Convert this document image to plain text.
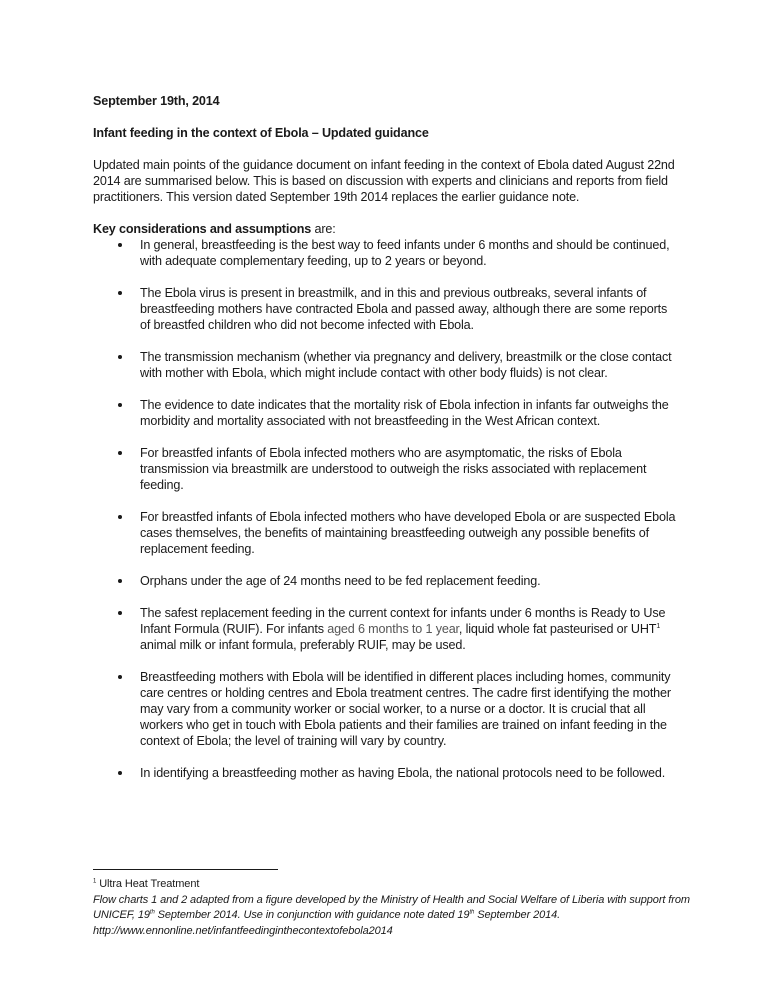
September 19th, 2014

Infant feeding in the context of Ebola – Updated guidance

Updated main points of the guidance document on infant feeding in the context of Ebola dated August 22nd 2014 are summarised below. This is based on discussion with experts and clinicians and reports from field practitioners. This version dated September 19th 2014 replaces the earlier guidance note.

Key considerations and assumptions are:

In general, breastfeeding is the best way to feed infants under 6 months and should be continued, with adequate complementary feeding, up to 2 years or beyond.
The Ebola virus is present in breastmilk, and in this and previous outbreaks, several infants of breastfeeding mothers have contracted Ebola and passed away, although there are some reports of breastfed children who did not become infected with Ebola.
The transmission mechanism (whether via pregnancy and delivery, breastmilk or the close contact with mother with Ebola, which might include contact with other body fluids) is not clear.
The evidence to date indicates that the mortality risk of Ebola infection in infants far outweighs the morbidity and mortality associated with not breastfeeding in the West African context.
For breastfed infants of Ebola infected mothers who are asymptomatic, the risks of Ebola transmission via breastmilk are understood to outweigh the risks associated with replacement feeding.
For breastfed infants of Ebola infected mothers who have developed Ebola or are suspected Ebola cases themselves, the benefits of maintaining breastfeeding outweigh any possible benefits of replacement feeding.
Orphans under the age of 24 months need to be fed replacement feeding.
The safest replacement feeding in the current context for infants under 6 months is Ready to Use Infant Formula (RUIF). For infants aged 6 months to 1 year, liquid whole fat pasteurised or UHT$^1$ animal milk or infant formula, preferably RUIF, may be used.
Breastfeeding mothers with Ebola will be identified in different places including homes, community care centres or holding centres and Ebola treatment centres. The cadre first identifying the mother may vary from a community worker or social worker, to a nurse or a doctor. It is crucial that all workers who get in touch with Ebola patients and their families are trained on infant feeding in the context of Ebola; the level of training will vary by country.
In identifying a breastfeeding mother as having Ebola, the national protocols need to be followed.

$^1$ Ultra Heat Treatment

Flow charts 1 and 2 adapted from a figure developed by the Ministry of Health and Social Welfare of Liberia with support from UNICEF, 19th September 2014. Use in conjunction with guidance note dated 19th September 2014. http://www.ennonline.net/infantfeedinginthecontextofebola2014
